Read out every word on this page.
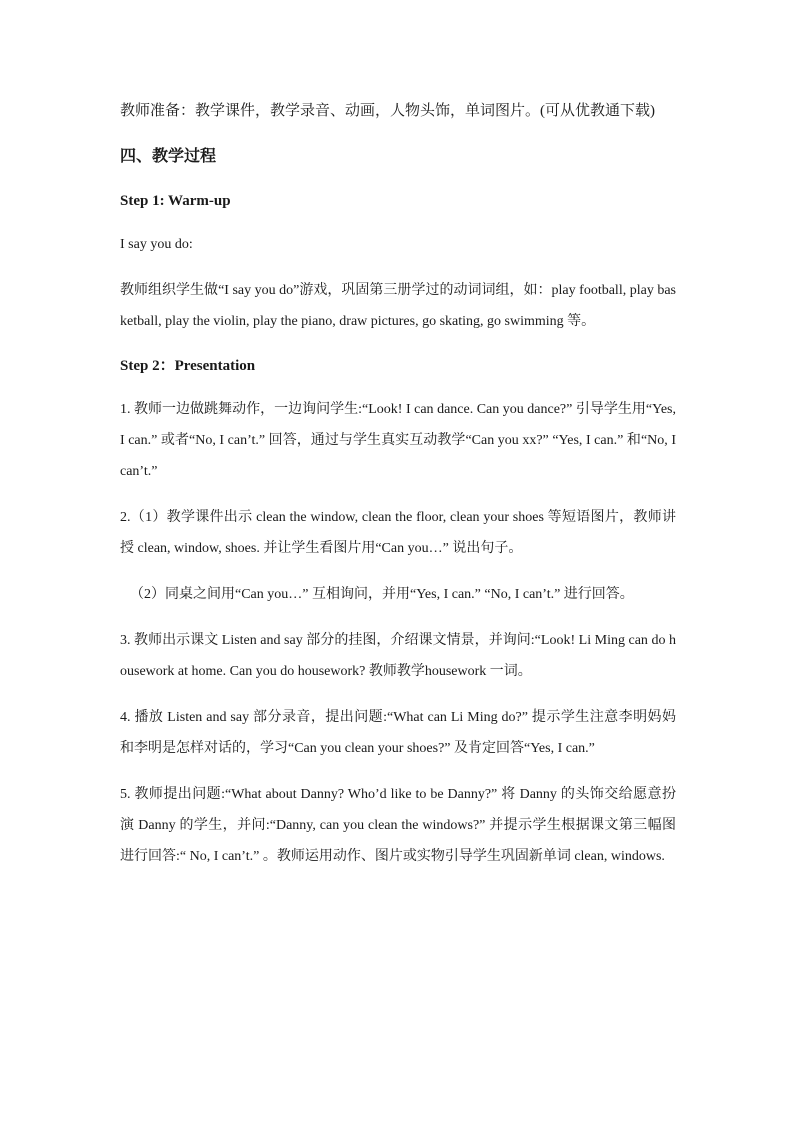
教师准备：教学课件，教学录音、动画，人物头饰，单词图片。(可从优教通下载)

四、教学过程
Step 1: Warm-up

I say you do:

教师组织学生做“I say you do”游戏，巩固第三册学过的动词词组，如：play football, play basketball, play the violin, play the piano, draw pictures, go skating, go swimming 等。

Step 2：Presentation

1. 教师一边做跳舞动作，一边询问学生:“Look! I can dance. Can you dance?” 引导学生用“Yes, I can.” 或者“No, I can’t.” 回答，通过与学生真实互动教学“Can you xx?” “Yes, I can.” 和“No, I can’t.”

2.（1）教学课件出示 clean the window, clean the floor, clean your shoes 等短语图片，教师讲授 clean, window, shoes. 并让学生看图片用“Can you…” 说出句子。

（2）同桌之间用“Can you…” 互相询问，并用“Yes, I can.” “No, I can’t.” 进行回答。

3. 教师出示课文 Listen and say 部分的挂图，介绍课文情景，并询问:“Look! Li Ming can do housework at home. Can you do housework? 教师教学housework 一词。

4. 播放 Listen and say 部分录音，提出问题:“What can Li Ming do?” 提示学生注意李明妈妈和李明是怎样对话的，学习“Can you clean your shoes?” 及肯定回答“Yes, I can.”

5. 教师提出问题:“What about Danny? Who’d like to be Danny?” 将 Danny 的头饰交给愿意扮演 Danny 的学生，并问:“Danny, can you clean the windows?” 并提示学生根据课文第三幅图进行回答:“ No, I can’t.” 。教师运用动作、图片或实物引导学生巩固新单词 clean, windows.
